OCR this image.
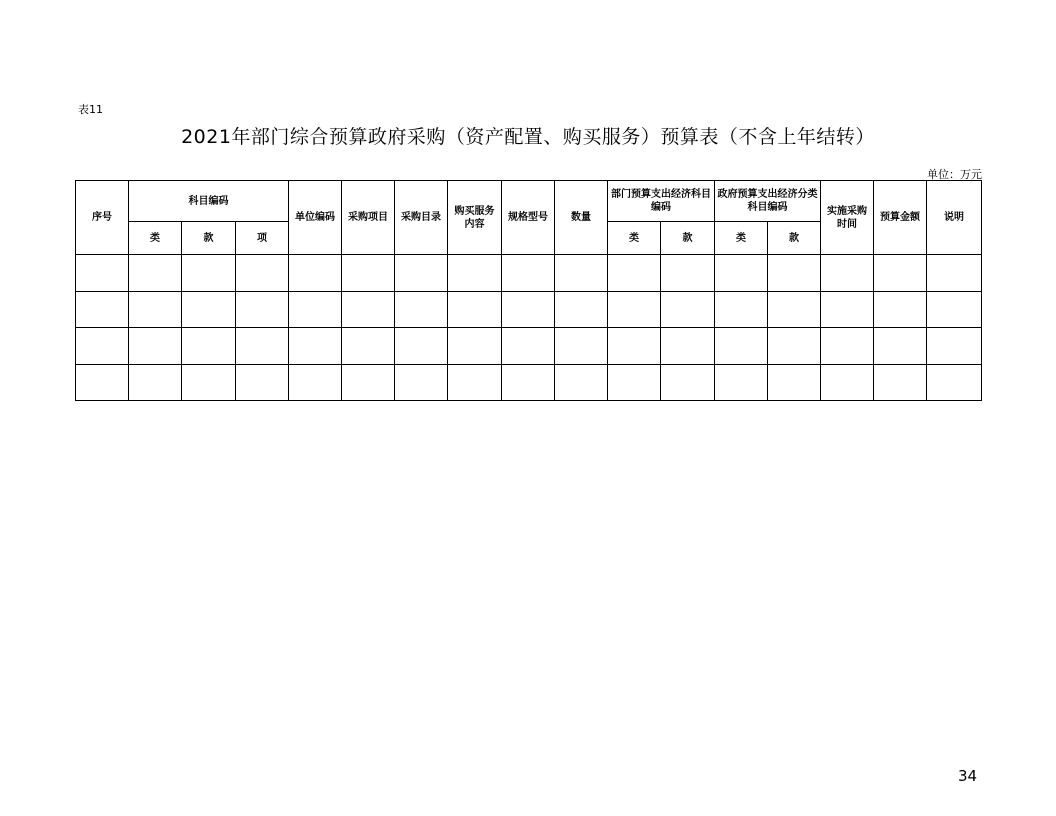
表11
2021年部门综合预算政府采购（资产配置、购买服务）预算表（不含上年结转）
单位：万元
序号	科目编码			单位编码	采购项目	采购目录	购买服务内容	规格型号	数量	部门预算支出经济科目编码		政府预算支出经济分类科目编码		实施采购时间	预算金额	说明
	类	款	项							类	款	类	款			

34
